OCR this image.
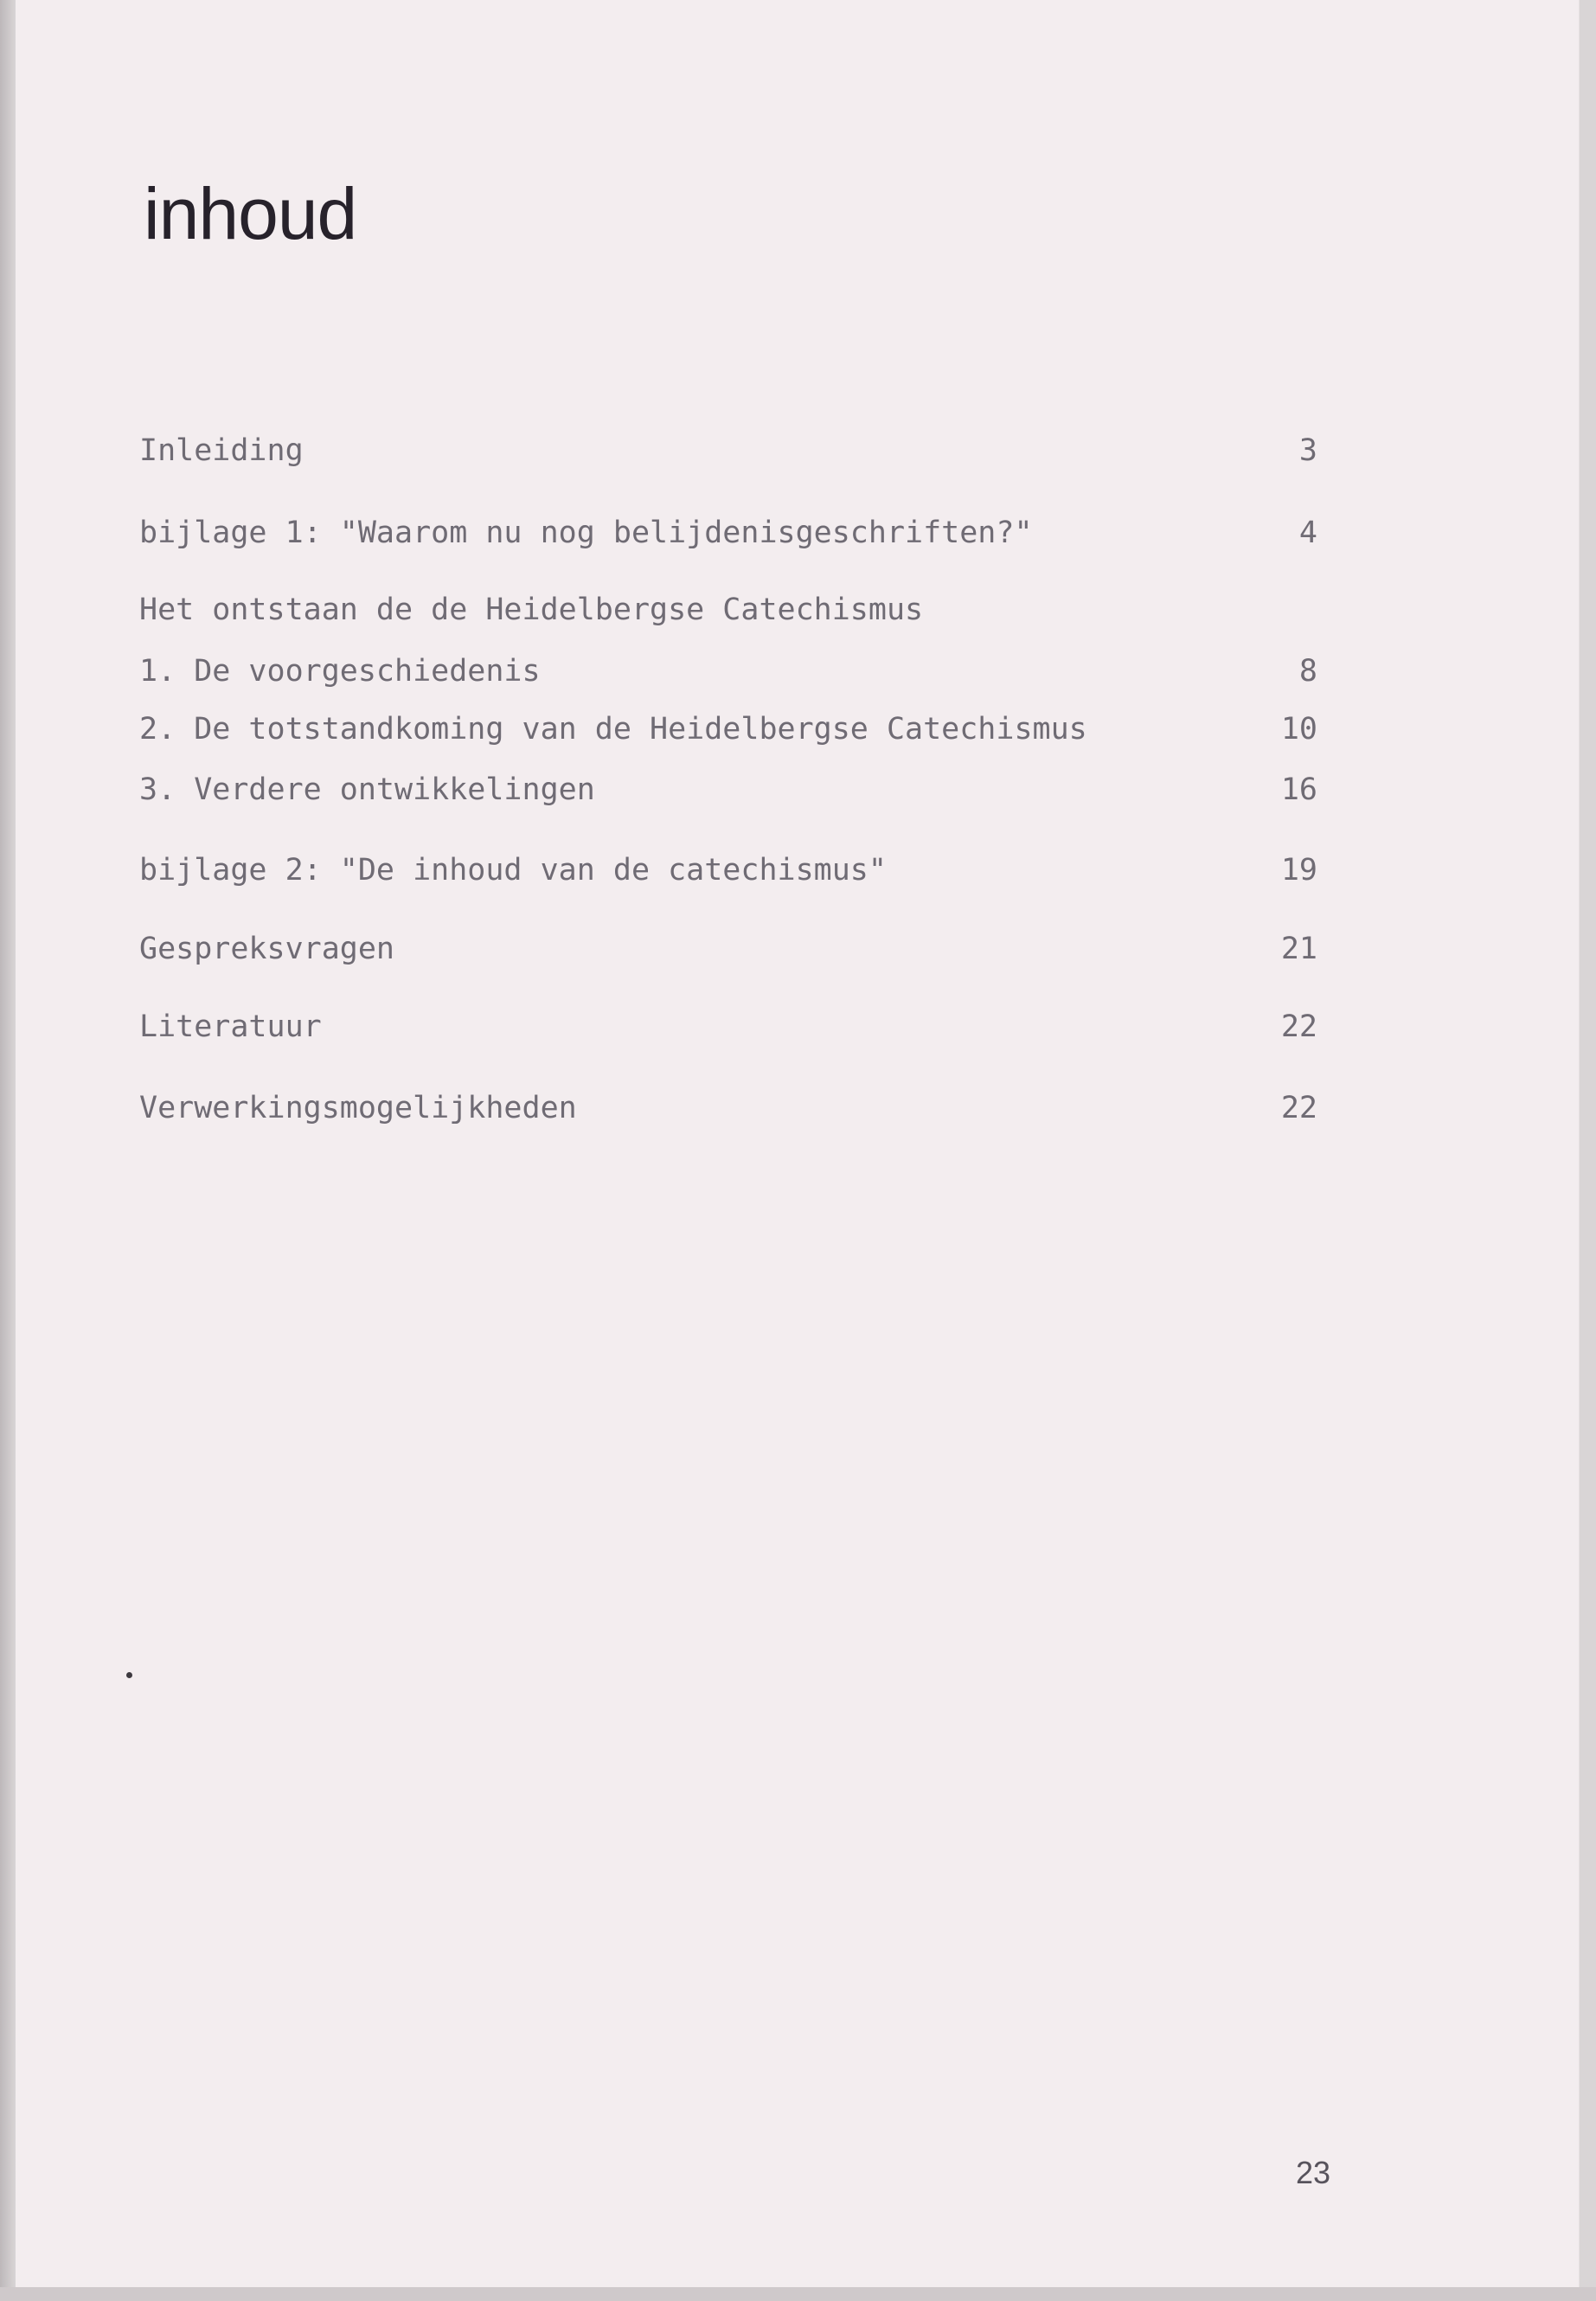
inhoud
Inleiding	3
bijlage 1: "Waarom nu nog belijdenisgeschriften?"	4
Het ontstaan de de Heidelbergse Catechismus
1. De voorgeschiedenis	8
2. De totstandkoming van de Heidelbergse Catechismus	10
3. Verdere ontwikkelingen	16
bijlage 2: "De inhoud van de catechismus"	19
Gespreksvragen	21
Literatuur	22
Verwerkingsmogelijkheden	22
23
